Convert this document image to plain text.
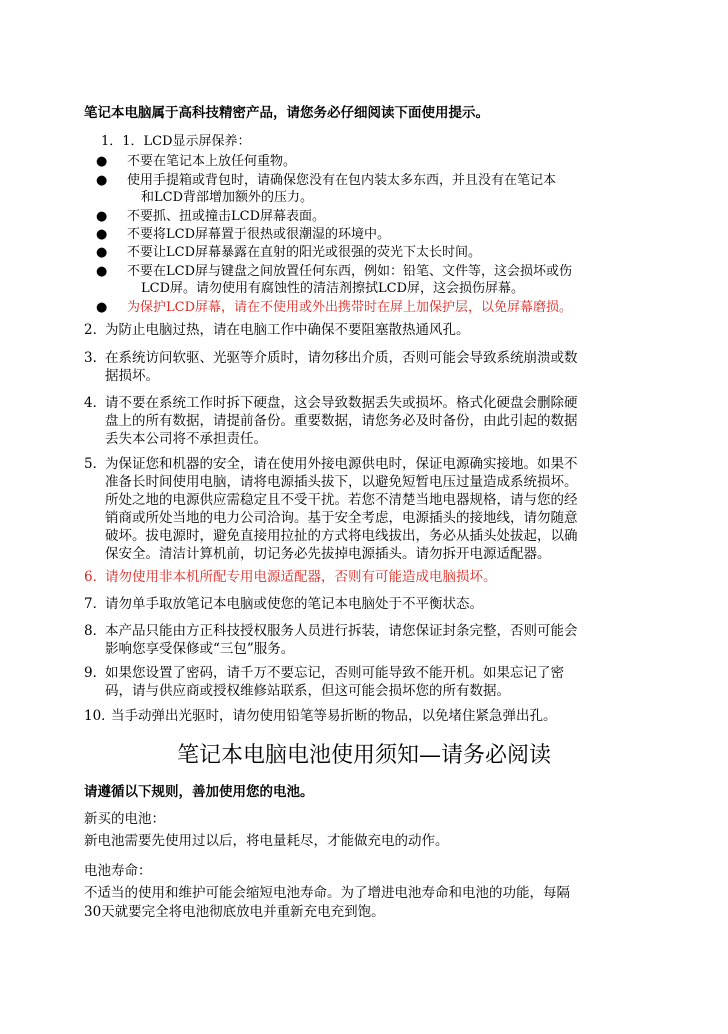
笔记本电脑属于高科技精密产品，请您务必仔细阅读下面使用提示。
1．1．LCD显示屏保养：
●	不要在笔记本上放任何重物。
●	使用手提箱或背包时，请确保您没有在包内装太多东西，并且没有在笔记本
和LCD背部增加额外的压力。
●	不要抓、扭或撞击LCD屏幕表面。
●	不要将LCD屏幕置于很热或很潮湿的环境中。
●	不要让LCD屏幕暴露在直射的阳光或很强的荧光下太长时间。
●	不要在LCD屏与键盘之间放置任何东西，例如：铅笔、文件等，这会损坏或伤
LCD屏。请勿使用有腐蚀性的清洁剂擦拭LCD屏，这会损伤屏幕。
●	为保护LCD屏幕，请在不使用或外出携带时在屏上加保护层，以免屏幕磨损。
2．
为防止电脑过热，请在电脑工作中确保不要阻塞散热通风孔。
3．
在系统访问软驱、光驱等介质时，请勿移出介质，否则可能会导致系统崩溃或数
据损坏。
4．
请不要在系统工作时拆下硬盘，这会导致数据丢失或损坏。格式化硬盘会删除硬
盘上的所有数据，请提前备份。重要数据，请您务必及时备份，由此引起的数据
丢失本公司将不承担责任。
5．
为保证您和机器的安全，请在使用外接电源供电时，保证电源确实接地。如果不
准备长时间使用电脑，请将电源插头拔下，以避免短暂电压过量造成系统损坏。
所处之地的电源供应需稳定且不受干扰。若您不清楚当地电器规格，请与您的经
销商或所处当地的电力公司洽询。基于安全考虑，电源插头的接地线，请勿随意
破坏。拔电源时，避免直接用拉扯的方式将电线拔出，务必从插头处拔起，以确
保安全。清洁计算机前，切记务必先拔掉电源插头。请勿拆开电源适配器。
6．
请勿使用非本机所配专用电源适配器，否则有可能造成电脑损坏。
7．
请勿单手取放笔记本电脑或使您的笔记本电脑处于不平衡状态。
8．
本产品只能由方正科技授权服务人员进行拆装，请您保证封条完整，否则可能会
影响您享受保修或“三包”服务。
9．
如果您设置了密码，请千万不要忘记，否则可能导致不能开机。如果忘记了密
码，请与供应商或授权维修站联系，但这可能会损坏您的所有数据。
10．
当手动弹出光驱时，请勿使用铅笔等易折断的物品，以免堵住紧急弹出孔。
笔记本电脑电池使用须知—请务必阅读
请遵循以下规则，善加使用您的电池。
新买的电池：
新电池需要先使用过以后，将电量耗尽，才能做充电的动作。
电池寿命：
不适当的使用和维护可能会缩短电池寿命。为了增进电池寿命和电池的功能，每隔
30天就要完全将电池彻底放电并重新充电充到饱。
